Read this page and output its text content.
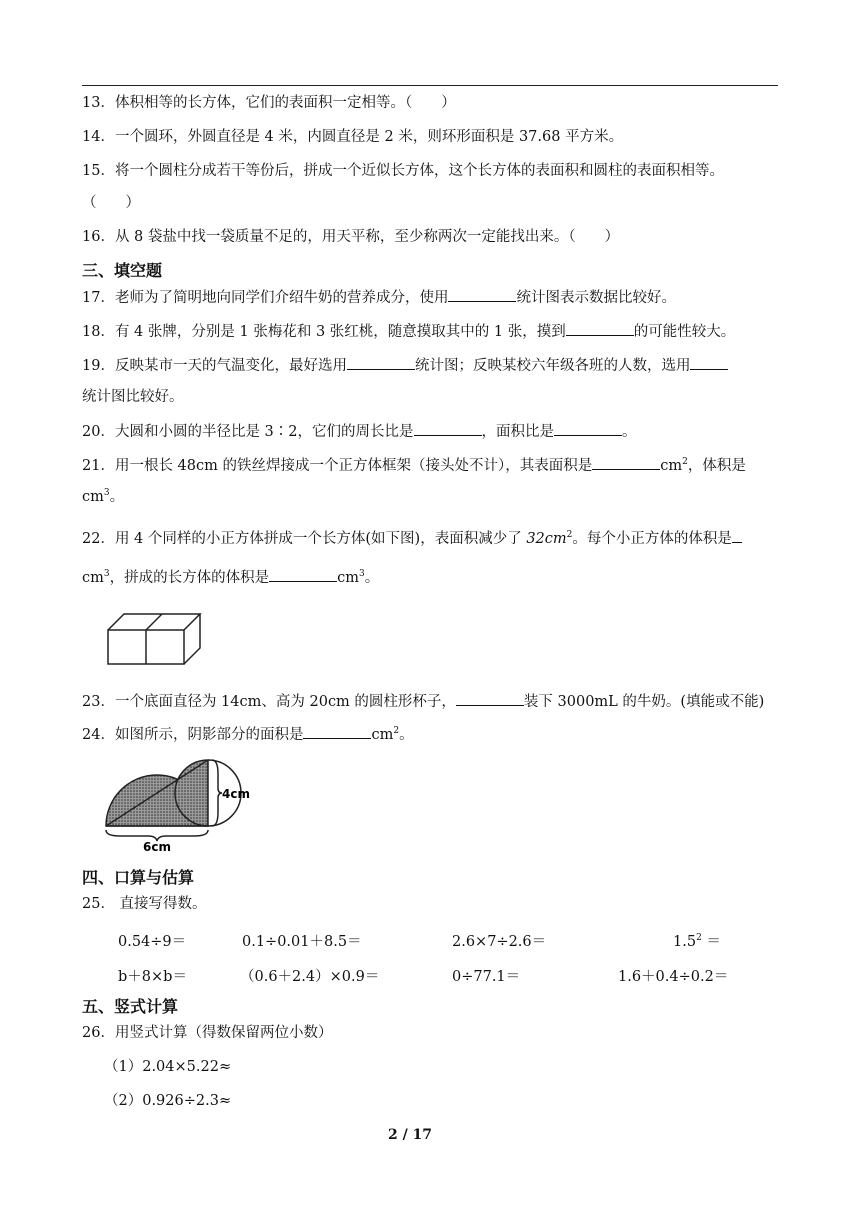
13．体积相等的长方体，它们的表面积一定相等。（　　）
14．一个圆环，外圆直径是 4 米，内圆直径是 2 米，则环形面积是 37.68 平方米。
15．将一个圆柱分成若干等份后，拼成一个近似长方体，这个长方体的表面积和圆柱的表面积相等。
（　　）
16．从 8 袋盐中找一袋质量不足的，用天平称，至少称两次一定能找出来。（　　）
三、填空题
17．老师为了简明地向同学们介绍牛奶的营养成分，使用	统计图表示数据比较好。
18．有 4 张牌，分别是 1 张梅花和 3 张红桃，随意摸取其中的 1 张，摸到	的可能性较大。
19．反映某市一天的气温变化，最好选用	统计图；反映某校六年级各班的人数，选用
统计图比较好。
20．大圆和小圆的半径比是 3∶2，它们的周长比是	，面积比是	。
21．用一根长 48cm 的铁丝焊接成一个正方体框架（接头处不计），其表面积是	$cm^2$，体积是
$cm^3$。
22．用 4 个同样的小正方体拼成一个长方体(如下图)，表面积减少了 $32cm^2$。每个小正方体的体积是
$cm^3$，拼成的长方体的体积是	$cm^3$。
23．一个底面直径为 14cm、高为 20cm 的圆柱形杯子，	装下 3000mL 的牛奶。(填能或不能)
24．如图所示，阴影部分的面积是	$cm^2$。
4cm
6cm
四、口算与估算
25． 直接写得数。
0.54÷9＝	0.1÷0.01＋8.5＝	2.6×7÷2.6＝	$1.5^2$ ＝
b＋8×b＝	（0.6＋2.4）×0.9＝	0÷77.1＝	1.6＋0.4÷0.2＝
五、竖式计算
26．用竖式计算（得数保留两位小数）
（1）2.04×5.22≈
（2）0.926÷2.3≈
2 / 17
